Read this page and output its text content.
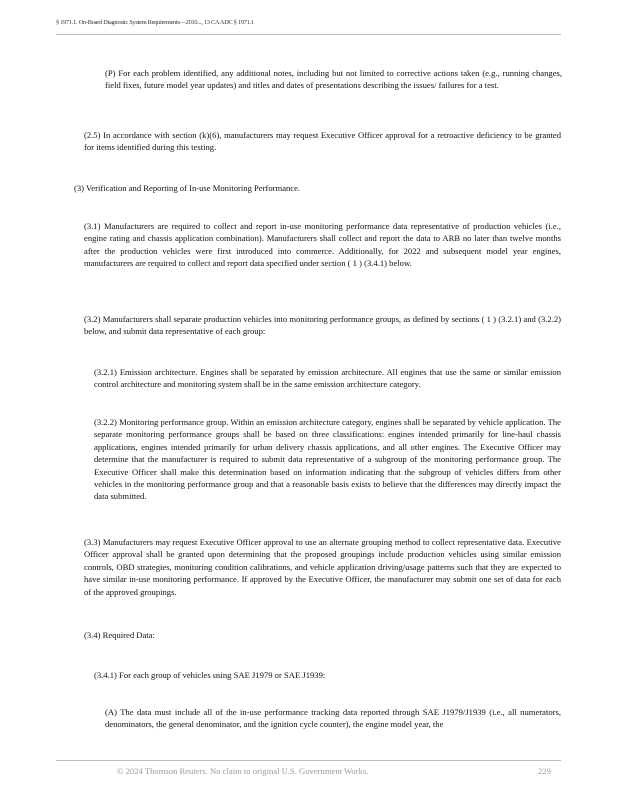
§ 1971.1. On-Board Diagnostic System Requirements—2010..., 13 CA ADC § 1971.1

(P) For each problem identified, any additional notes, including but not limited to corrective actions taken (e.g., running changes, field fixes, future model year updates) and titles and dates of presentations describing the issues/ failures for a test.

(2.5) In accordance with section (k)(6), manufacturers may request Executive Officer approval for a retroactive deficiency to be granted for items identified during this testing.

(3) Verification and Reporting of In-use Monitoring Performance.

(3.1) Manufacturers are required to collect and report in-use monitoring performance data representative of production vehicles (i.e., engine rating and chassis application combination). Manufacturers shall collect and report the data to ARB no later than twelve months after the production vehicles were first introduced into commerce. Additionally, for 2022 and subsequent model year engines, manufacturers are required to collect and report data specified under section ( 1 ) (3.4.1) below.

(3.2) Manufacturers shall separate production vehicles into monitoring performance groups, as defined by sections ( 1 ) (3.2.1) and (3.2.2) below, and submit data representative of each group:

(3.2.1) Emission architecture. Engines shall be separated by emission architecture. All engines that use the same or similar emission control architecture and monitoring system shall be in the same emission architecture category.

(3.2.2) Monitoring performance group. Within an emission architecture category, engines shall be separated by vehicle application. The separate monitoring performance groups shall be based on three classifications: engines intended primarily for line-haul chassis applications, engines intended primarily for urban delivery chassis applications, and all other engines. The Executive Officer may determine that the manufacturer is required to submit data representative of a subgroup of the monitoring performance group. The Executive Officer shall make this determination based on information indicating that the subgroup of vehicles differs from other vehicles in the monitoring performance group and that a reasonable basis exists to believe that the differences may directly impact the data submitted.

(3.3) Manufacturers may request Executive Officer approval to use an alternate grouping method to collect representative data. Executive Officer approval shall be granted upon determining that the proposed groupings include production vehicles using similar emission controls, OBD strategies, monitoring condition calibrations, and vehicle application driving/usage patterns such that they are expected to have similar in-use monitoring performance. If approved by the Executive Officer, the manufacturer may submit one set of data for each of the approved groupings.

(3.4) Required Data:

(3.4.1) For each group of vehicles using SAE J1979 or SAE J1939:

(A) The data must include all of the in-use performance tracking data reported through SAE J1979/J1939 (i.e., all numerators, denominators, the general denominator, and the ignition cycle counter), the engine model year, the

© 2024 Thomson Reuters. No claim to original U.S. Government Works.	229
